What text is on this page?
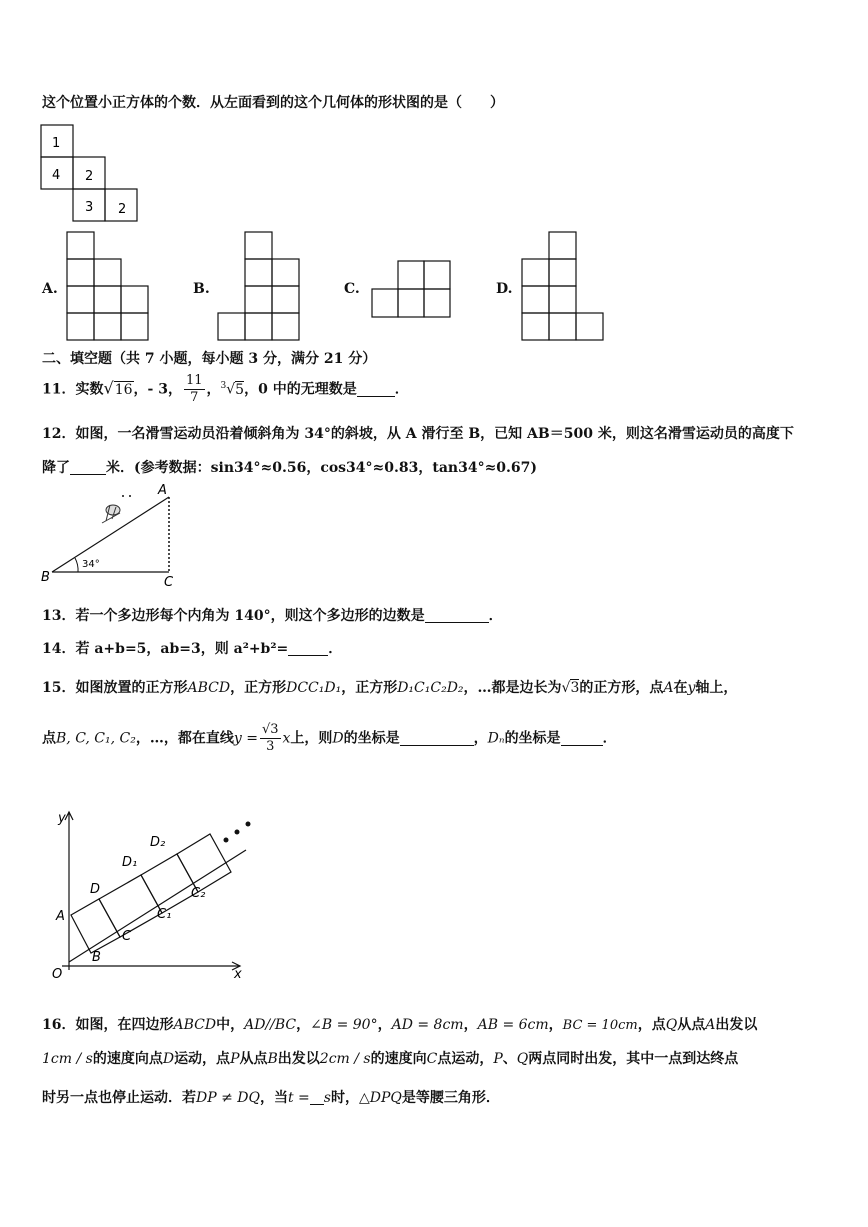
这个位置小正方体的个数．从左面看到的这个几何体的形状图的是（　　）
1
4 2
3 2
A.	B.	C.	D.
二、填空题（共 7 小题，每小题 3 分，满分 21 分）
11．实数√16，- 3， $\frac{11}{7}$ ，$^3$√5，0 中的无理数是	．
12．如图，一名滑雪运动员沿着倾斜角为 34°的斜坡，从 A 滑行至 B，已知 AB＝500 米，则这名滑雪运动员的高度下
降了	米．(参考数据：sin34°≈0.56，cos34°≈0.83，tan34°≈0.67)
A
B	C
34°
13．若一个多边形每个内角为 140°，则这个多边形的边数是	．
14．若 a+b=5，ab=3，则 a²+b²=	．
15．如图放置的正方形ABCD，正方形DCC₁D₁，正方形D₁C₁C₂D₂，…都是边长为√3的正方形，点A在y轴上，
点B, C, C₁, C₂，…，都在直线$y = \frac{√3}{3}$ x上，则D的坐标是	，Dₙ的坐标是	．
y
x
O
A
B
D
C
D₁
C₁
D₂
C₂
16．如图，在四边形ABCD中，AD//BC，∠B = 90°，AD = 8cm，AB = 6cm，BC = 10cm，点Q从点A出发以
1cm / s的速度向点D运动，点P从点B出发以2cm / s的速度向C点运动，P、Q两点同时出发，其中一点到达终点
时另一点也停止运动．若DP ≠ DQ，当t = s时，△DPQ是等腰三角形．
